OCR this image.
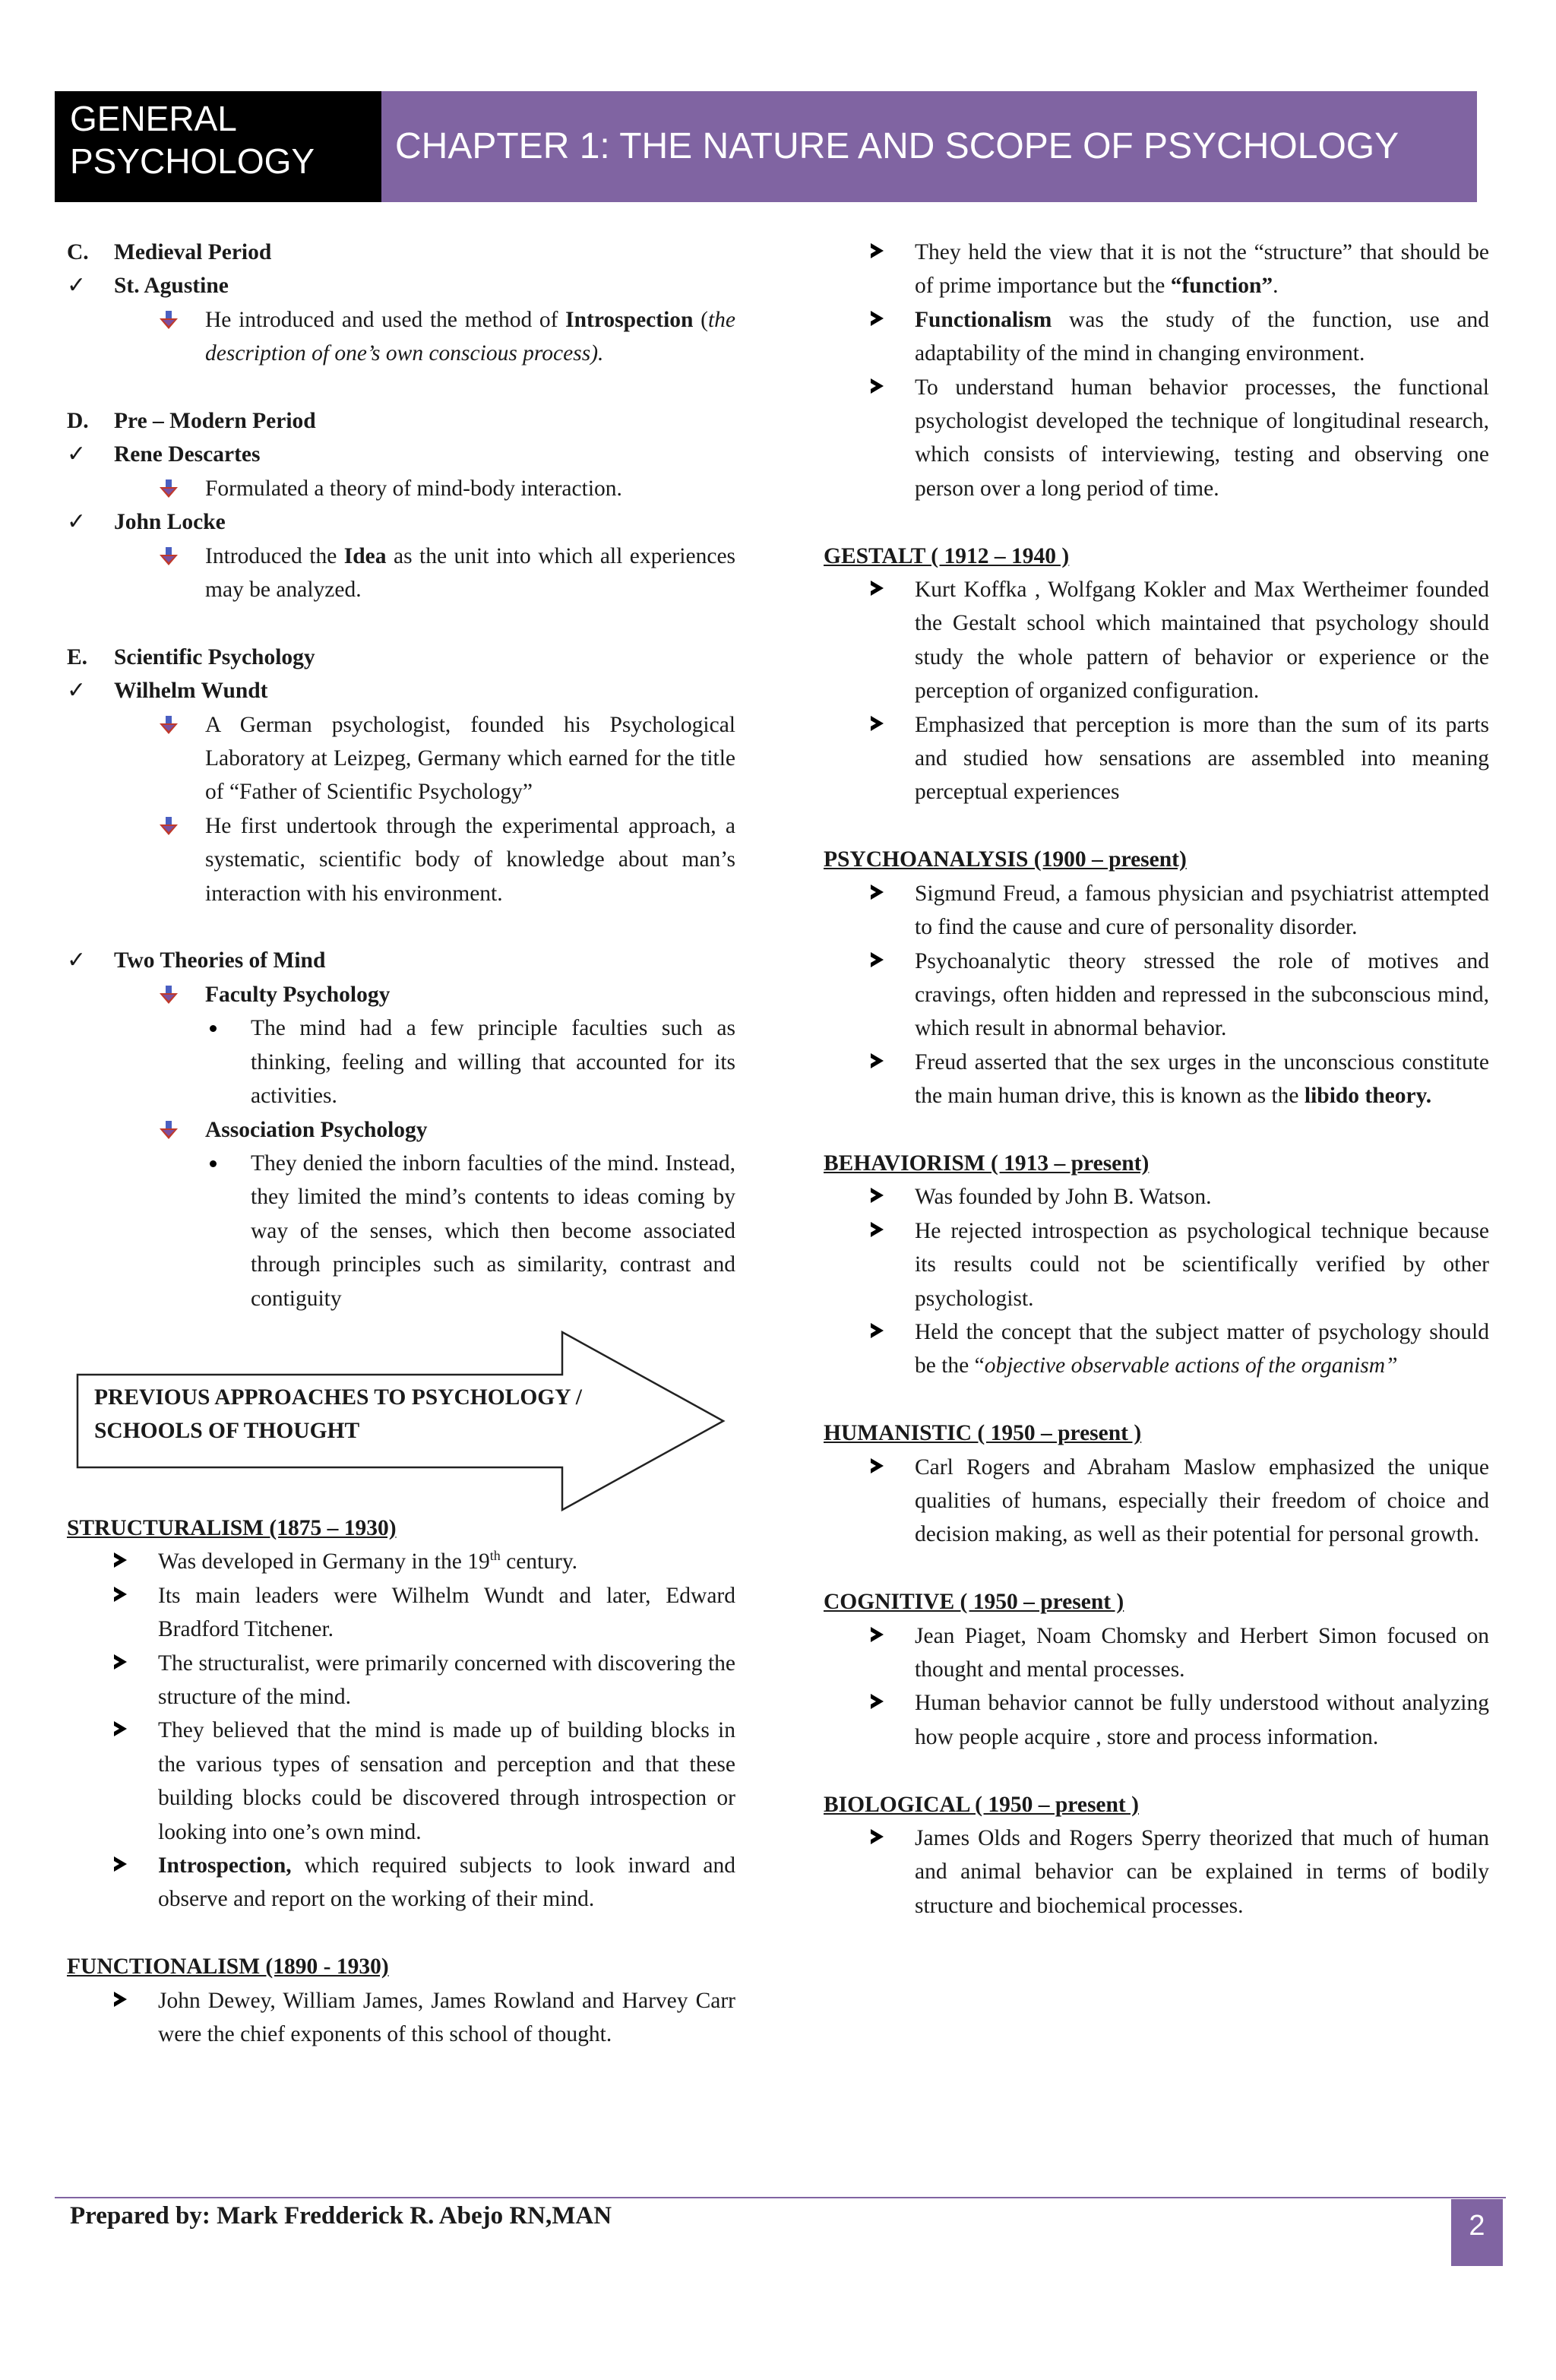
GENERAL
PSYCHOLOGY	CHAPTER 1: THE NATURE AND SCOPE OF PSYCHOLOGY
C.	Medieval Period
✓	St. Agustine
He introduced and used the method of Introspection (the description of one’s own conscious process).
D.	Pre – Modern Period
✓	Rene Descartes
Formulated a theory of mind-body interaction.
✓	John Locke
Introduced the Idea as the unit into which all experiences may be analyzed.
E.	Scientific Psychology
✓	Wilhelm Wundt
A German psychologist, founded his Psychological Laboratory at Leizpeg, Germany which earned for the title of “Father of Scientific Psychology”
He first undertook through the experimental approach, a systematic, scientific body of knowledge about man’s interaction with his environment.
✓	Two Theories of Mind
Faculty Psychology
The mind had a few principle faculties such as thinking, feeling and willing that accounted for its activities.
Association Psychology
They denied the inborn faculties of the mind. Instead, they limited the mind’s contents to ideas coming by way of the senses, which then become associated through principles such as similarity, contrast and contiguity
PREVIOUS APPROACHES TO PSYCHOLOGY /
SCHOOLS OF THOUGHT
STRUCTURALISM (1875 – 1930)
Was developed in Germany in the 19th century.
Its main leaders were Wilhelm Wundt and later, Edward Bradford Titchener.
The structuralist, were primarily concerned with discovering the structure of the mind.
They believed that the mind is made up of building blocks in the various types of sensation and perception and that these building blocks could be discovered through introspection or looking into one’s own mind.
Introspection, which required subjects to look inward and observe and report on the working of their mind.
FUNCTIONALISM (1890 - 1930)
John Dewey, William James, James Rowland and Harvey Carr were the chief exponents of this school of thought.
They held the view that it is not the “structure” that should be of prime importance but the “function”.
Functionalism was the study of the function, use and adaptability of the mind in changing environment.
To understand human behavior processes, the functional psychologist developed the technique of longitudinal research, which consists of interviewing, testing and observing one person over a long period of time.
GESTALT ( 1912 – 1940 )
Kurt Koffka , Wolfgang Kokler and Max Wertheimer founded the Gestalt school which maintained that psychology should study the whole pattern of behavior or experience or the perception of organized configuration.
Emphasized that perception is more than the sum of its parts and studied how sensations are assembled into meaning perceptual experiences
PSYCHOANALYSIS (1900 – present)
Sigmund Freud, a famous physician and psychiatrist attempted to find the cause and cure of personality disorder.
Psychoanalytic theory stressed the role of motives and cravings, often hidden and repressed in the subconscious mind, which result in abnormal behavior.
Freud asserted that the sex urges in the unconscious constitute the main human drive, this is known as the libido theory.
BEHAVIORISM ( 1913 – present)
Was founded by John B. Watson.
He rejected introspection as psychological technique because its results could not be scientifically verified by other psychologist.
Held the concept that the subject matter of psychology should be the “objective observable actions of the organism”
HUMANISTIC ( 1950 – present )
Carl Rogers and Abraham Maslow emphasized the unique qualities of humans, especially their freedom of choice and decision making, as well as their potential for personal growth.
COGNITIVE ( 1950 – present )
Jean Piaget, Noam Chomsky and Herbert Simon focused on thought and mental processes.
Human behavior cannot be fully understood without analyzing how people acquire , store and process information.
BIOLOGICAL ( 1950 – present )
James Olds and Rogers Sperry theorized that much of human and animal behavior can be explained in terms of bodily structure and biochemical processes.
Prepared by: Mark Fredderick R. Abejo RN,MAN	2
